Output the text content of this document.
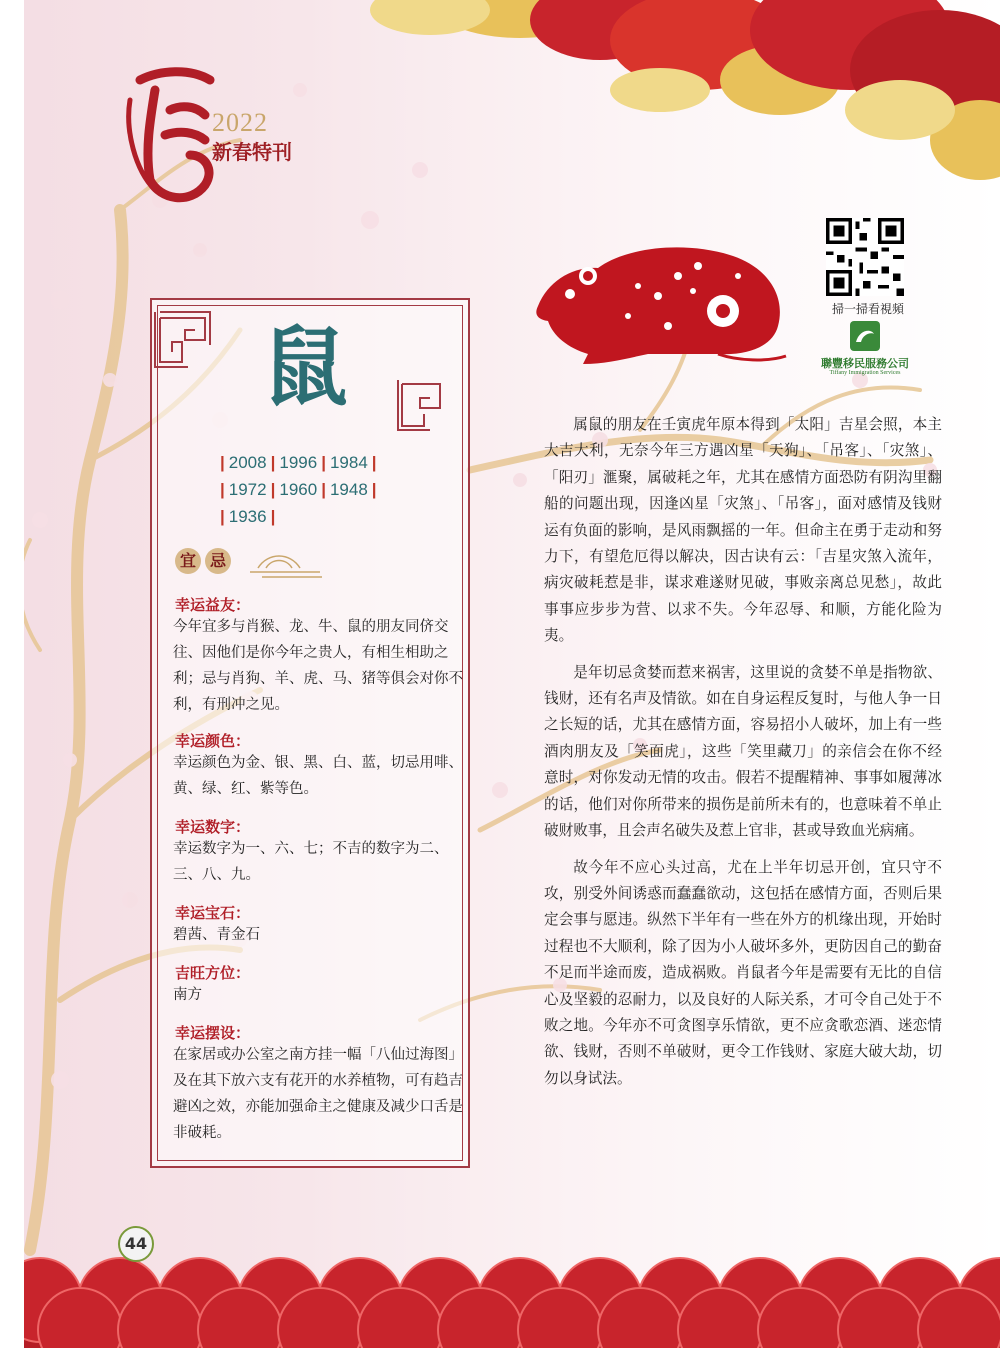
2022
新春特刊
掃一掃看視頻
聯豐移民服務公司
Tiffany Immigration Services
鼠
| 2008 | 1996 | 1984 |
| 1972 | 1960 | 1948 |
| 1936 |
宜 忌
幸运益友：
今年宜多与肖猴、龙、牛、鼠的朋友同侪交往、因他们是你今年之贵人，有相生相助之利；忌与肖狗、羊、虎、马、猪等俱会对你不利，有刑冲之见。
幸运颜色：
幸运颜色为金、银、黑、白、蓝，切忌用啡、黄、绿、红、紫等色。
幸运数字：
幸运数字为一、六、七；不吉的数字为二、三、八、九。
幸运宝石：
碧茜、青金石
吉旺方位：
南方
幸运摆设：
在家居或办公室之南方挂一幅「八仙过海图」及在其下放六支有花开的水养植物，可有趋吉避凶之效，亦能加强命主之健康及减少口舌是非破耗。

属鼠的朋友在壬寅虎年原本得到「太阳」吉星会照，本主大吉大利，无奈今年三方遇凶星「天狗」、「吊客」、「灾煞」、「阳刃」滙聚，属破耗之年，尤其在感情方面恐防有阴沟里翻船的问题出现，因逢凶星「灾煞」、「吊客」，面对感情及钱财运有负面的影响，是风雨飘摇的一年。但命主在勇于走动和努力下，有望危厄得以解决，因古诀有云：「吉星灾煞入流年，病灾破耗惹是非，谋求难遂财见破，事败亲离总见愁」，故此事事应步步为营、以求不失。今年忍辱、和顺，方能化险为夷。

是年切忌贪婪而惹来祸害，这里说的贪婪不单是指物欲、钱财，还有名声及情欲。如在自身运程反复时，与他人争一日之长短的话，尤其在感情方面，容易招小人破坏，加上有一些酒肉朋友及「笑面虎」，这些「笑里藏刀」的亲信会在你不经意时，对你发动无情的攻击。假若不提醒精神、事事如履薄冰的话，他们对你所带来的损伤是前所未有的，也意味着不单止破财败事，且会声名破失及惹上官非，甚或导致血光病痛。

故今年不应心头过高，尤在上半年切忌开创，宜只守不攻，别受外间诱惑而蠢蠢欲动，这包括在感情方面，否则后果定会事与愿违。纵然下半年有一些在外方的机缘出现，开始时过程也不大顺利，除了因为小人破坏多外，更防因自己的勤奋不足而半途而废，造成祸败。肖鼠者今年是需要有无比的自信心及坚毅的忍耐力，以及良好的人际关系，才可令自己处于不败之地。今年亦不可贪图享乐情欲，更不应贪歌恋酒、迷恋情欲、钱财，否则不单破财，更令工作钱财、家庭大破大劫，切勿以身试法。

44
